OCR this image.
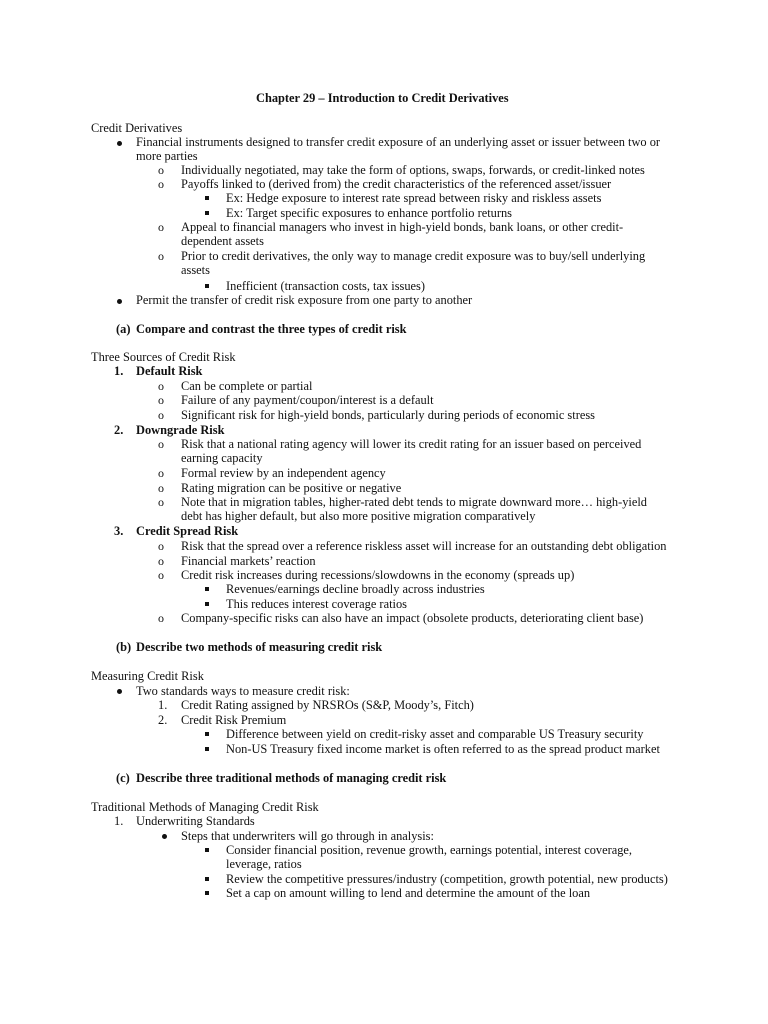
Chapter 29 – Introduction to Credit Derivatives
Credit Derivatives
Financial instruments designed to transfer credit exposure of an underlying asset or issuer between two or
more parties
o Individually negotiated, may take the form of options, swaps, forwards, or credit-linked notes
o Payoffs linked to (derived from) the credit characteristics of the referenced asset/issuer
Ex: Hedge exposure to interest rate spread between risky and riskless assets
Ex: Target specific exposures to enhance portfolio returns
o Appeal to financial managers who invest in high-yield bonds, bank loans, or other credit-
dependent assets
o Prior to credit derivatives, the only way to manage credit exposure was to buy/sell underlying
assets
Inefficient (transaction costs, tax issues)
Permit the transfer of credit risk exposure from one party to another
(a) Compare and contrast the three types of credit risk
Three Sources of Credit Risk
1. Default Risk
o Can be complete or partial
o Failure of any payment/coupon/interest is a default
o Significant risk for high-yield bonds, particularly during periods of economic stress
2. Downgrade Risk
o Risk that a national rating agency will lower its credit rating for an issuer based on perceived
earning capacity
o Formal review by an independent agency
o Rating migration can be positive or negative
o Note that in migration tables, higher-rated debt tends to migrate downward more… high-yield
debt has higher default, but also more positive migration comparatively
3. Credit Spread Risk
o Risk that the spread over a reference riskless asset will increase for an outstanding debt obligation
o Financial markets’ reaction
o Credit risk increases during recessions/slowdowns in the economy (spreads up)
Revenues/earnings decline broadly across industries
This reduces interest coverage ratios
o Company-specific risks can also have an impact (obsolete products, deteriorating client base)
(b) Describe two methods of measuring credit risk
Measuring Credit Risk
Two standards ways to measure credit risk:
1. Credit Rating assigned by NRSROs (S&P, Moody’s, Fitch)
2. Credit Risk Premium
Difference between yield on credit-risky asset and comparable US Treasury security
Non-US Treasury fixed income market is often referred to as the spread product market
(c) Describe three traditional methods of managing credit risk
Traditional Methods of Managing Credit Risk
1. Underwriting Standards
Steps that underwriters will go through in analysis:
Consider financial position, revenue growth, earnings potential, interest coverage,
leverage, ratios
Review the competitive pressures/industry (competition, growth potential, new products)
Set a cap on amount willing to lend and determine the amount of the loan
